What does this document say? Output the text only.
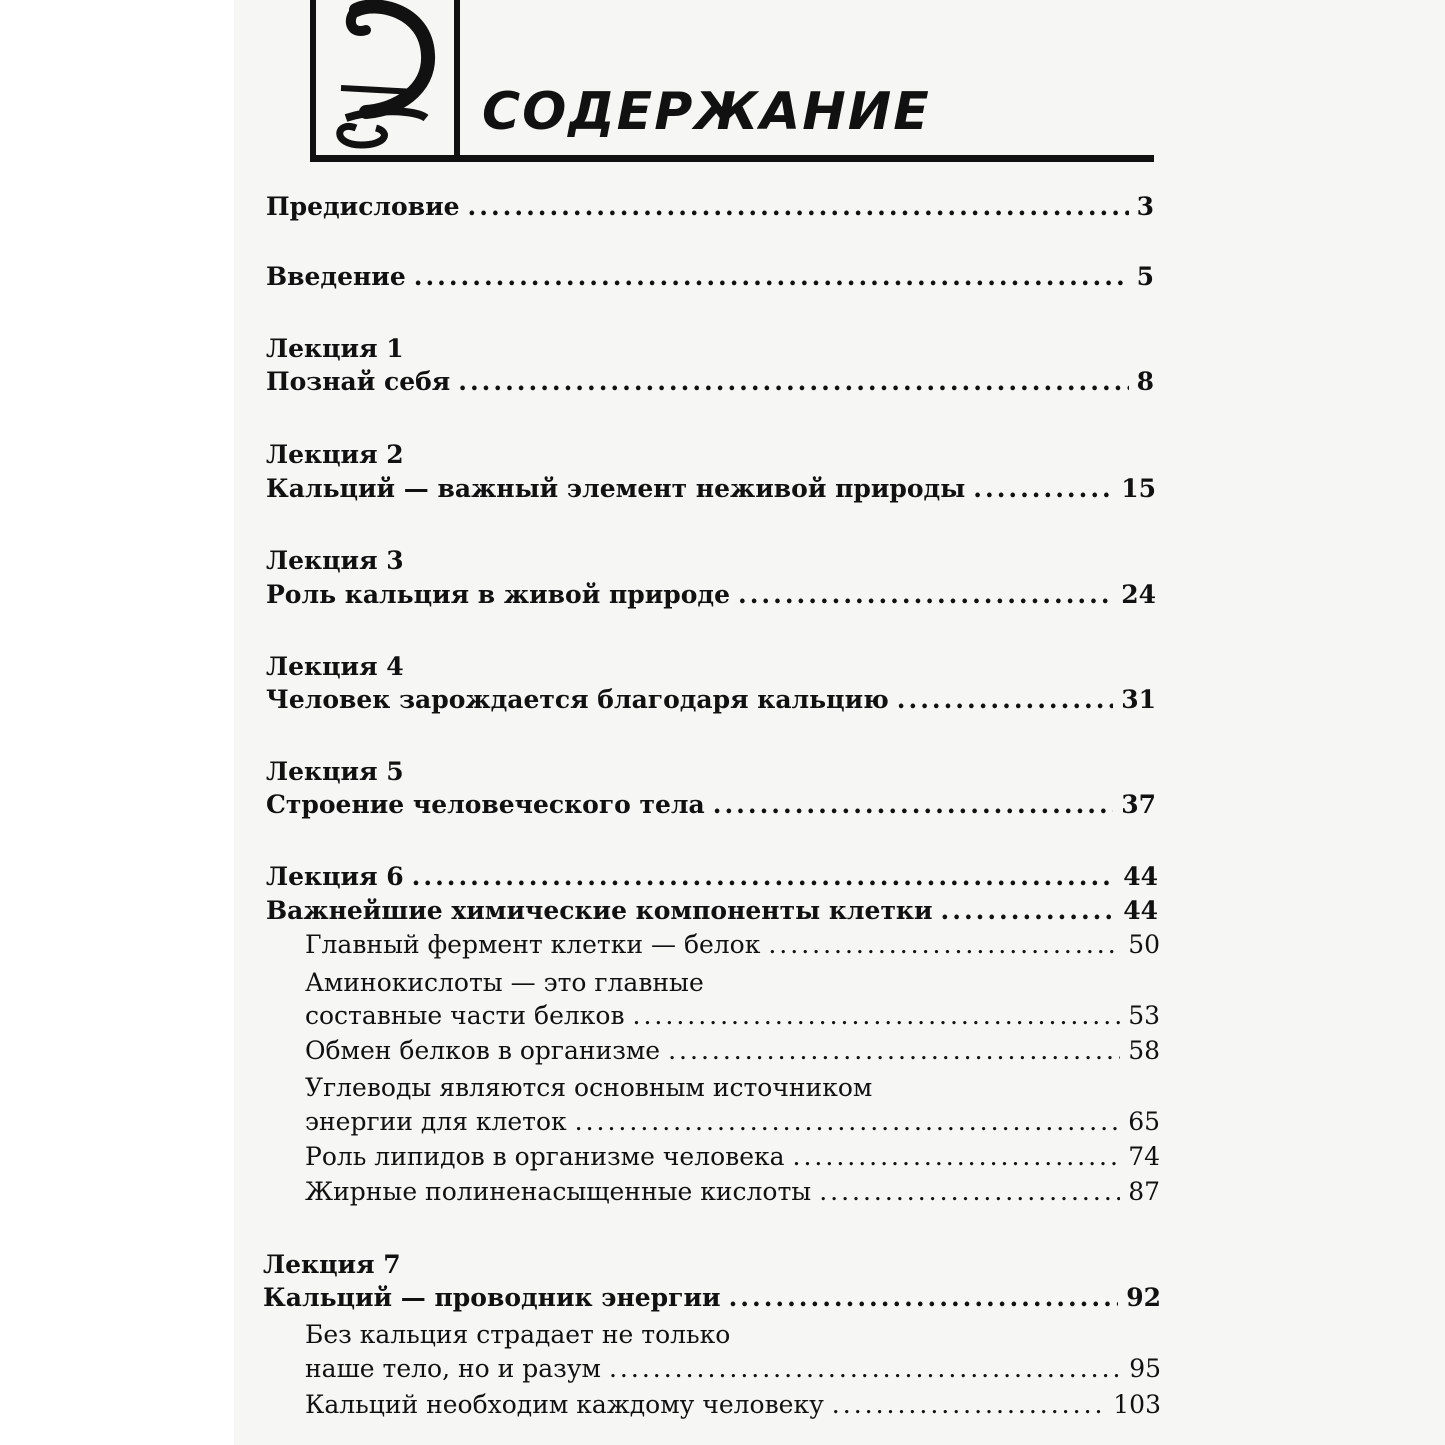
СОДЕРЖАНИЕ
Предисловие .....	3
Введение .....	5
Лекция 1
Познай себя .....	8
Лекция 2
Кальций — важный элемент неживой природы .....	15
Лекция 3
Роль кальция в живой природе .....	24
Лекция 4
Человек зарождается благодаря кальцию .....	31
Лекция 5
Строение человеческого тела .....	37
Лекция 6 .....	44
Важнейшие химические компоненты клетки .....	44
Главный фермент клетки — белок .....	50
Аминокислоты — это главные
составные части белков .....	53
Обмен белков в организме .....	58
Углеводы являются основным источником
энергии для клеток .....	65
Роль липидов в организме человека .....	74
Жирные полиненасыщенные кислоты .....	87
Лекция 7
Кальций — проводник энергии .....	92
Без кальция страдает не только
наше тело, но и разум .....	95
Кальций необходим каждому человеку .....	103
